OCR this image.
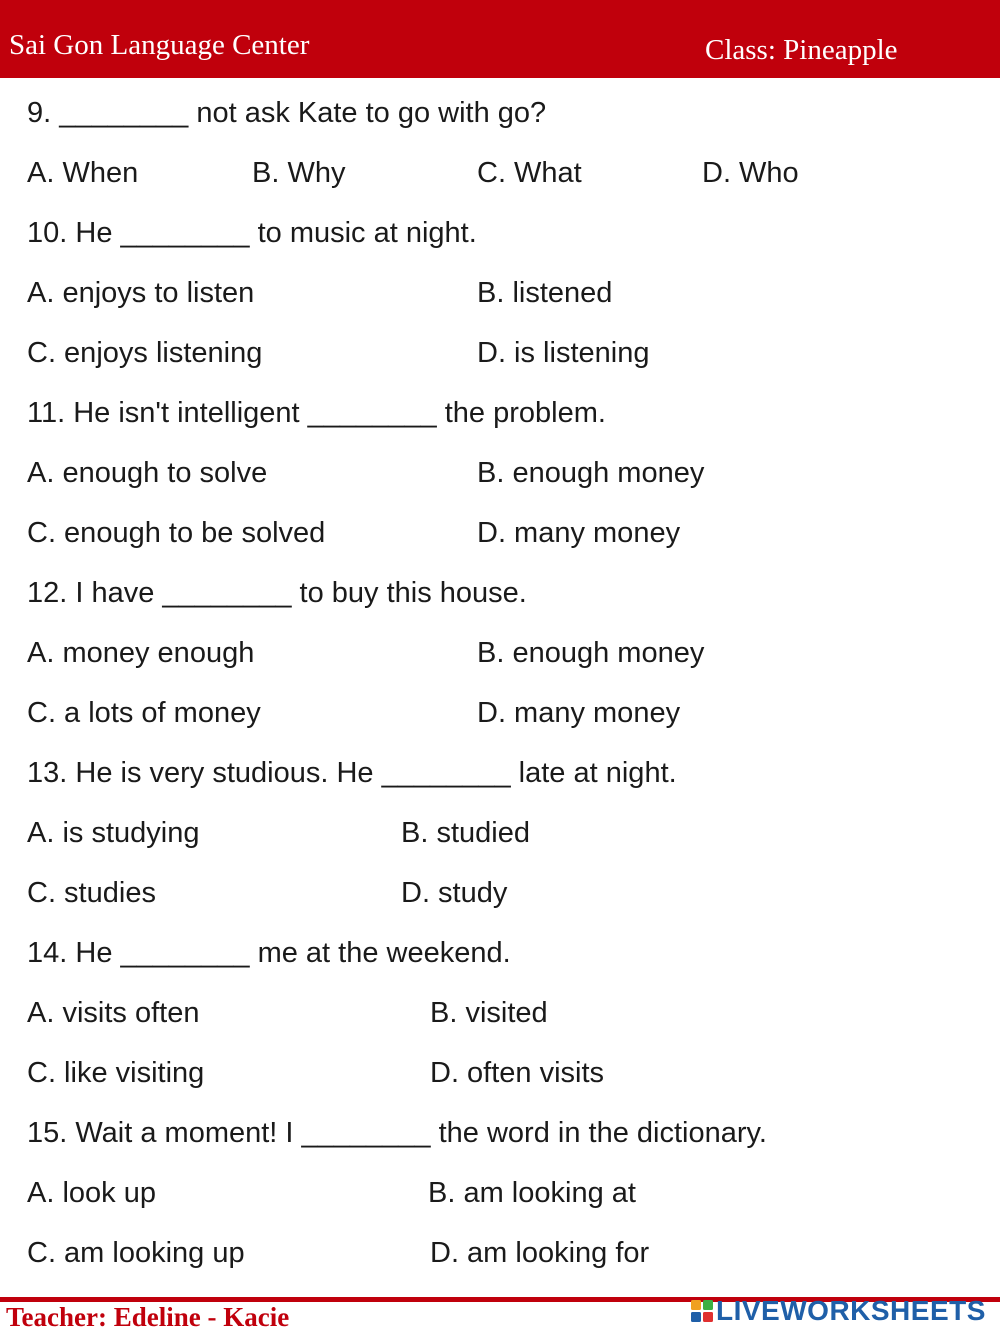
Sai Gon Language Center	Class: Pineapple
9. ________ not ask Kate to go with go?
A. When	B. Why	C. What	D. Who
10. He ________ to music at night.
A. enjoys to listen	B. listened
C. enjoys listening	D. is listening
11. He isn't intelligent ________ the problem.
A. enough to solve	B. enough money
C. enough to be solved	D. many money
12. I have ________ to buy this house.
A. money enough	B. enough money
C. a lots of money	D. many money
13. He is very studious. He ________ late at night.
A. is studying	B. studied
C. studies	D. study
14. He ________ me at the weekend.
A. visits often	B. visited
C. like visiting	D. often visits
15. Wait a moment! I ________ the word in the dictionary.
A. look up	B. am looking at
C. am looking up	D. am looking for
Teacher: Edeline - Kacie	LIVEWORKSHEETS
